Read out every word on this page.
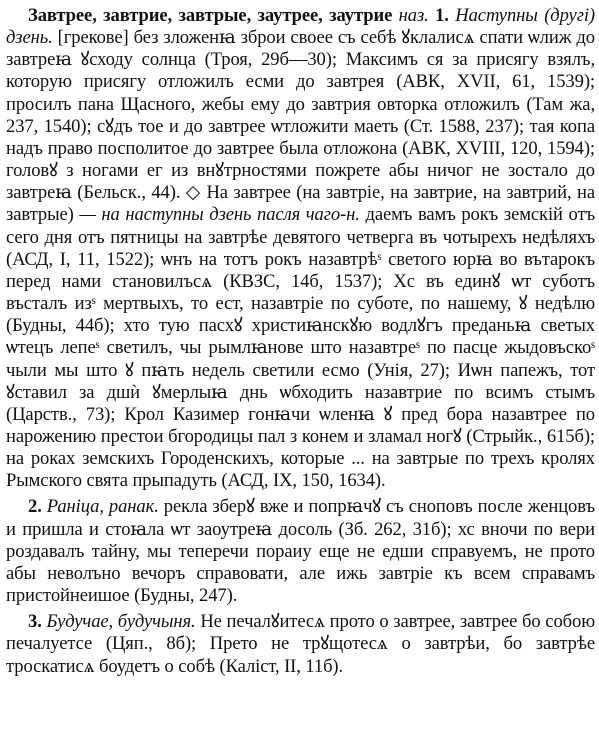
Завтрее, завтрие, завтрые, заутрее, заутрие наз. 1. Наступны (другі) дзень. [грекове] без зложенꙗ зброи своее съ себѣ ꙋклалисѧ спати ѡлиж до завтреꙗ ꙋсходу солнца (Троя, 29б—30); Максимъ ся за присягу взялъ, которую присягу отложилъ есми до завтрея (АВК, XVII, 61, 1539); просилъ пана Щасного, жебы ему до завтрия овторка отложилъ (Там жа, 237, 1540); сꙋдъ тое и до завтрее ѡтложити маеть (Ст. 1588, 237); тая копа надъ право посполитое до завтрее была отложона (АВК, XVIII, 120, 1594); головꙋ з ногами ег из внꙋтрностями пожрете абы ничог не зостало до завтреꙗ (Бельск., 44). ◇ На завтрее (на завтріе, на завтрие, на завтрий, на завтрые) — на наступны дзень пасля чаго-н. даемъ вамъ рокъ земскій отъ сего дня отъ пятницы на завтрѣе девятого четверга въ чотырехъ недѣляхъ (АСД, I, 11, 1522); ѡнъ на тотъ рокъ назавтрѣˢ светого юрꙗ во вътарокъ перед нами становилъсѧ (КВЗС, 14б, 1537); Хс въ единꙋ ѡт суботъ въсталъ изˢ мертвыхъ, то ест, назавтріе по суботе, по нашему, ꙋ недѣлю (Будны, 44б); хто тую пасхꙋ христиꙗнскꙋю водлꙋгъ преданьꙗ светых ѡтецъ лепеˢ светилъ, чы рымлꙗнове што назавтреˢ по пасце жыдовъскоˢ чыли мы што ꙋ пꙗть недель светили есмо (Унія, 27); Иѡн папежъ, тот ꙋставил за дшѝ ꙋмерлыꙗ днь ѡбходить назавтрие по всимъ стымъ (Царств., 73); Крол Казимер гонꙗчи ѡленꙗ ꙋ пред бора назавтрее по нарожению престои бгородицы пал з конем и зламал ногꙋ (Стрыйк., 615б); на роках земскихъ Городенскихъ, которые ... на завтрые по трехъ кролях Рымского свята прыпадуть (АСД, IX, 150, 1634).

2. Раніца, ранак. рекла зберꙋ вже и попрꙗчꙋ съ сноповъ после женцовъ и пришла и стоꙗла ѡт заоутреꙗ досоль (Зб. 262, 31б); хс вночи по вери роздавалъ тайну, мы теперечи пораиу еще не едши справуемъ, не прото абы неволъно вечоръ справовати, але ижь завтріе къ всем справамъ пристойнеишое (Будны, 247).

3. Будучае, будучыня. Не печалꙋитесѧ прото о завтрее, завтрее бо собою печалуетсе (Цяп., 8б); Прето не трꙋщотесѧ о завтрѣи, бо завтрѣе троскатисѧ боудетъ о собѣ (Каліст, II, 11б).
